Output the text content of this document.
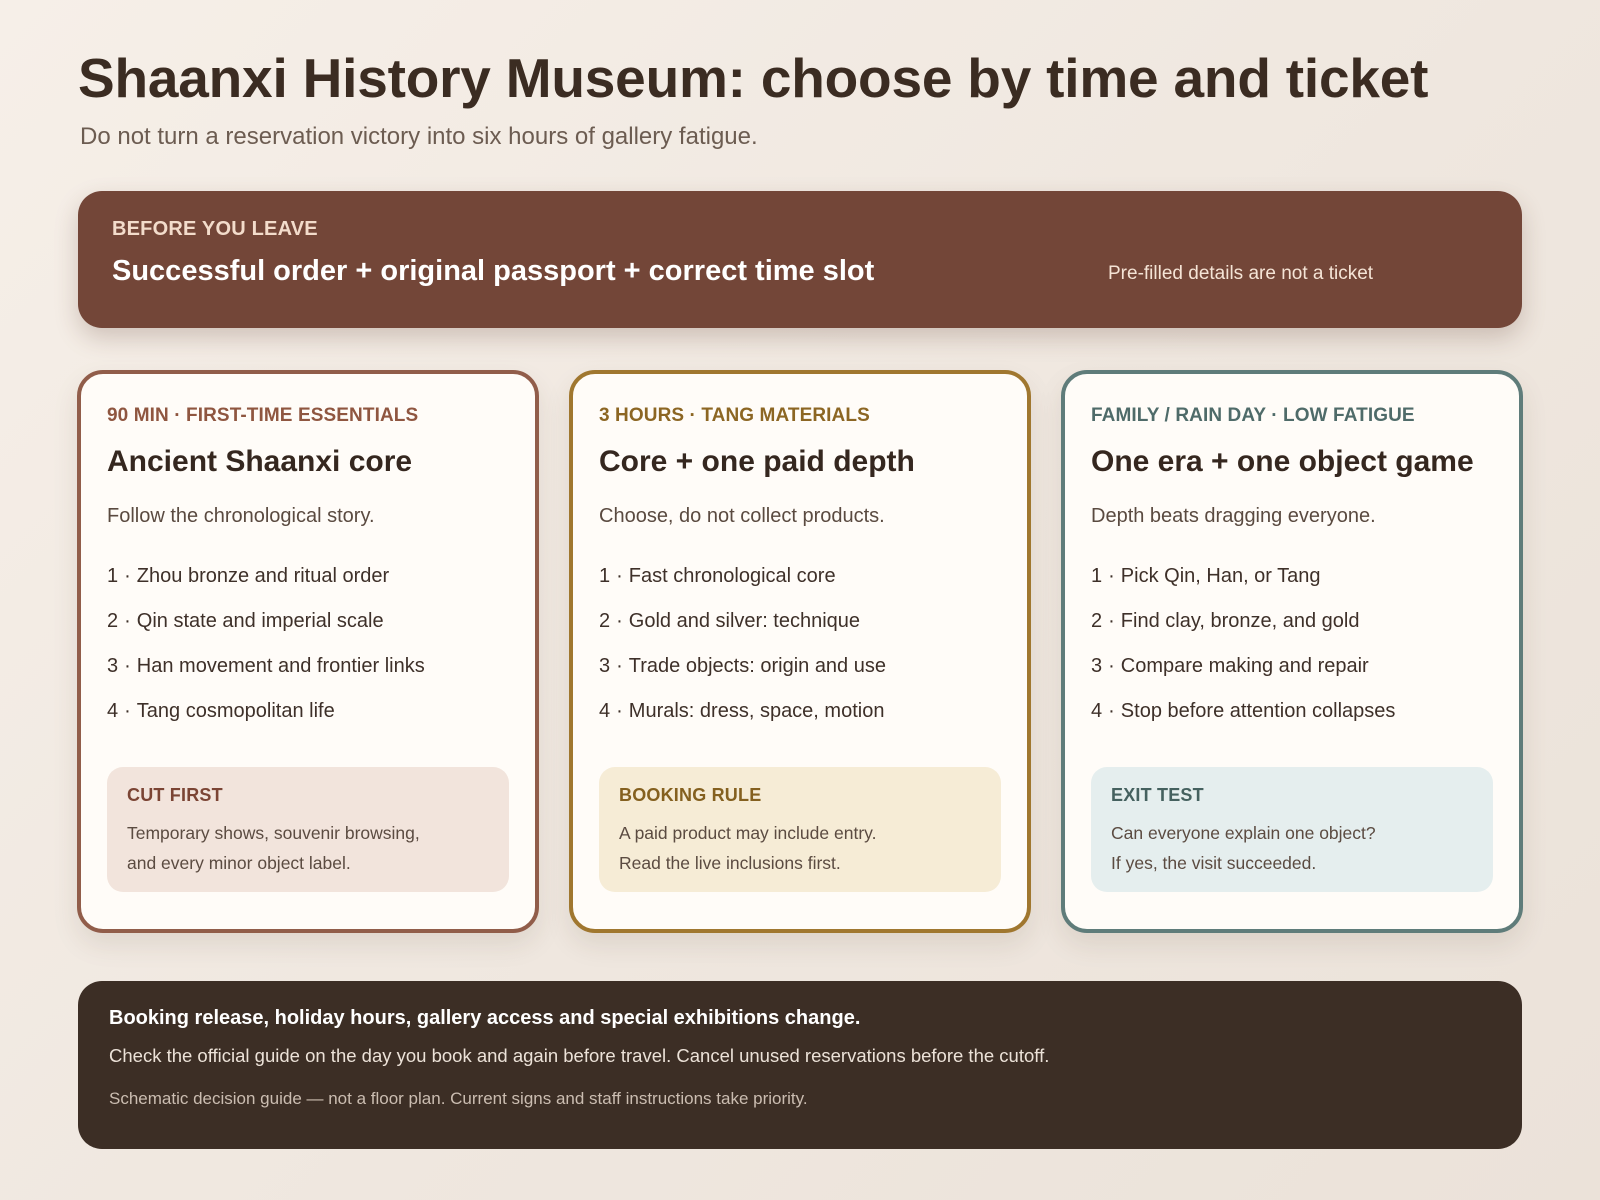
Shaanxi History Museum: choose by time and ticket

Do not turn a reservation victory into six hours of gallery fatigue.

BEFORE YOU LEAVE
Successful order + original passport + correct time slot	Pre-filled details are not a ticket
90 MIN · FIRST-TIME ESSENTIALS
Ancient Shaanxi core

Follow the chronological story.

1 · Zhou bronze and ritual order
2 · Qin state and imperial scale
3 · Han movement and frontier links
4 · Tang cosmopolitan life
CUT FIRST
Temporary shows, souvenir browsing,
and every minor object label.
3 HOURS · TANG MATERIALS
Core + one paid depth

Choose, do not collect products.

1 · Fast chronological core
2 · Gold and silver: technique
3 · Trade objects: origin and use
4 · Murals: dress, space, motion
BOOKING RULE
A paid product may include entry.
Read the live inclusions first.
FAMILY / RAIN DAY · LOW FATIGUE
One era + one object game

Depth beats dragging everyone.

1 · Pick Qin, Han, or Tang
2 · Find clay, bronze, and gold
3 · Compare making and repair
4 · Stop before attention collapses
EXIT TEST
Can everyone explain one object?
If yes, the visit succeeded.
Booking release, holiday hours, gallery access and special exhibitions change.
Check the official guide on the day you book and again before travel. Cancel unused reservations before the cutoff.
Schematic decision guide — not a floor plan. Current signs and staff instructions take priority.
